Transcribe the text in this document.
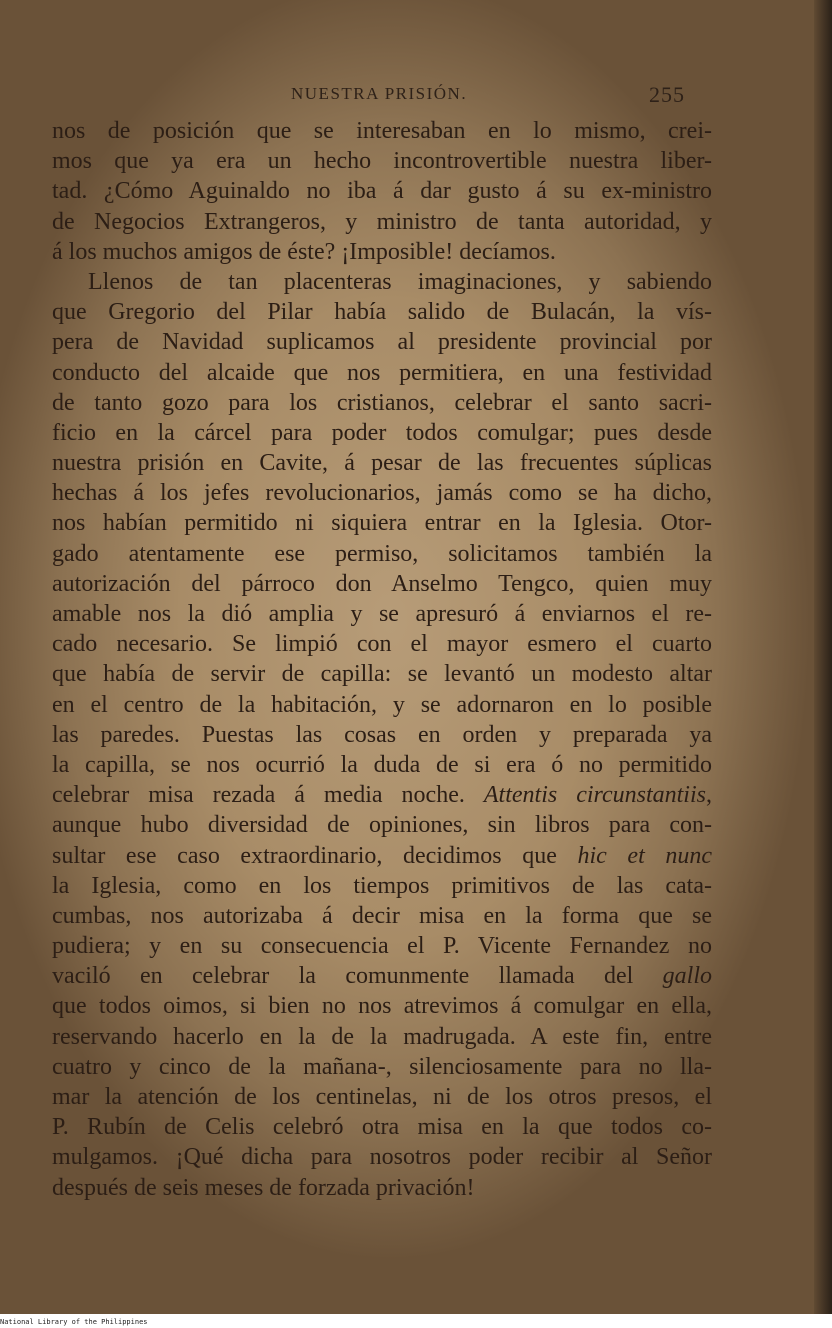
NUESTRA PRISIÓN.	255
nos de posición que se interesaban en lo mismo, crei-
mos que ya era un hecho incontrovertible nuestra liber-
tad. ¿Cómo Aguinaldo no iba á dar gusto á su ex-ministro
de Negocios Extrangeros, y ministro de tanta autoridad, y
á los muchos amigos de éste? ¡Imposible! decíamos.
Llenos de tan placenteras imaginaciones, y sabiendo
que Gregorio del Pilar había salido de Bulacán, la vís-
pera de Navidad suplicamos al presidente provincial por
conducto del alcaide que nos permitiera, en una festividad
de tanto gozo para los cristianos, celebrar el santo sacri-
ficio en la cárcel para poder todos comulgar; pues desde
nuestra prisión en Cavite, á pesar de las frecuentes súplicas
hechas á los jefes revolucionarios, jamás como se ha dicho,
nos habían permitido ni siquiera entrar en la Iglesia. Otor-
gado atentamente ese permiso, solicitamos también la
autorización del párroco don Anselmo Tengco, quien muy
amable nos la dió amplia y se apresuró á enviarnos el re-
cado necesario. Se limpió con el mayor esmero el cuarto
que había de servir de capilla: se levantó un modesto altar
en el centro de la habitación, y se adornaron en lo posible
las paredes. Puestas las cosas en orden y preparada ya
la capilla, se nos ocurrió la duda de si era ó no permitido
celebrar misa rezada á media noche. Attentis circunstantiis,
aunque hubo diversidad de opiniones, sin libros para con-
sultar ese caso extraordinario, decidimos que hic et nunc
la Iglesia, como en los tiempos primitivos de las cata-
cumbas, nos autorizaba á decir misa en la forma que se
pudiera; y en su consecuencia el P. Vicente Fernandez no
vaciló en celebrar la comunmente llamada del gallo
que todos oimos, si bien no nos atrevimos á comulgar en ella,
reservando hacerlo en la de la madrugada. A este fin, entre
cuatro y cinco de la mañana-, silenciosamente para no lla-
mar la atención de los centinelas, ni de los otros presos, el
P. Rubín de Celis celebró otra misa en la que todos co-
mulgamos. ¡Qué dicha para nosotros poder recibir al Señor
después de seis meses de forzada privación!
National Library of the Philippines
